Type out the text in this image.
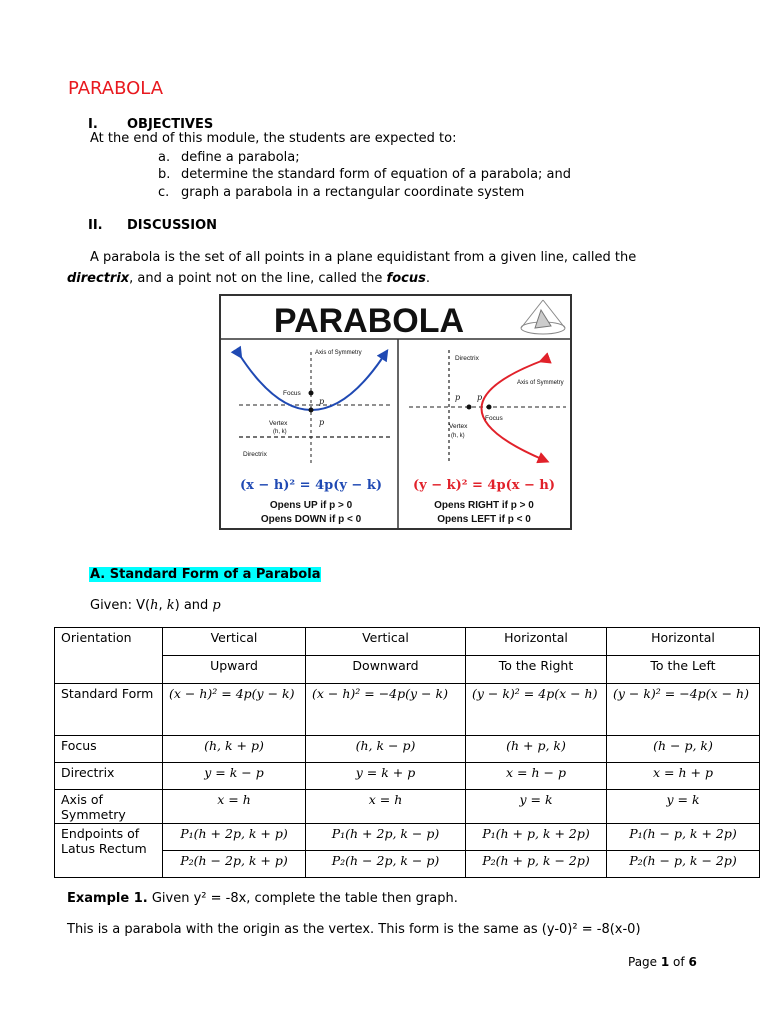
PARABOLA
I. OBJECTIVES
At the end of this module, the students are expected to:
a. define a parabola;
b. determine the standard form of equation of a parabola; and
c. graph a parabola in a rectangular coordinate system
II. DISCUSSION
A parabola is the set of all points in a plane equidistant from a given line, called the
directrix, and a point not on the line, called the focus.
PARABOLA
Axis of Symmetry
Focus
Vertex
(h, k)
Directrix
p
p
(x − h)² = 4p(y − k)
Opens UP if p > 0
Opens DOWN if p < 0
Directrix
Axis of Symmetry
Focus
Vertex
(h, k)
p p
(y − k)² = 4p(x − h)
Opens RIGHT if p > 0
Opens LEFT if p < 0
A. Standard Form of a Parabola
Given: V(h, k) and p
Orientation	Vertical	Vertical	Horizontal	Horizontal
	Upward	Downward	To the Right	To the Left
Standard Form	(x − h)² = 4p(y − k)	(x − h)² = −4p(y − k)	(y − k)² = 4p(x − h)	(y − k)² = −4p(x − h)
Focus	(h, k + p)	(h, k − p)	(h + p, k)	(h − p, k)
Directrix	y = k − p	y = k + p	x = h − p	x = h + p
Axis of Symmetry	x = h	x = h	y = k	y = k
Endpoints of Latus Rectum	P₁(h + 2p, k + p)	P₁(h + 2p, k − p)	P₁(h + p, k + 2p)	P₁(h − p, k + 2p)
	P₂(h − 2p, k + p)	P₂(h − 2p, k − p)	P₂(h + p, k − 2p)	P₂(h − p, k − 2p)
Example 1. Given y² = -8x, complete the table then graph.
This is a parabola with the origin as the vertex. This form is the same as (y-0)² = -8(x-0)
Page 1 of 6
